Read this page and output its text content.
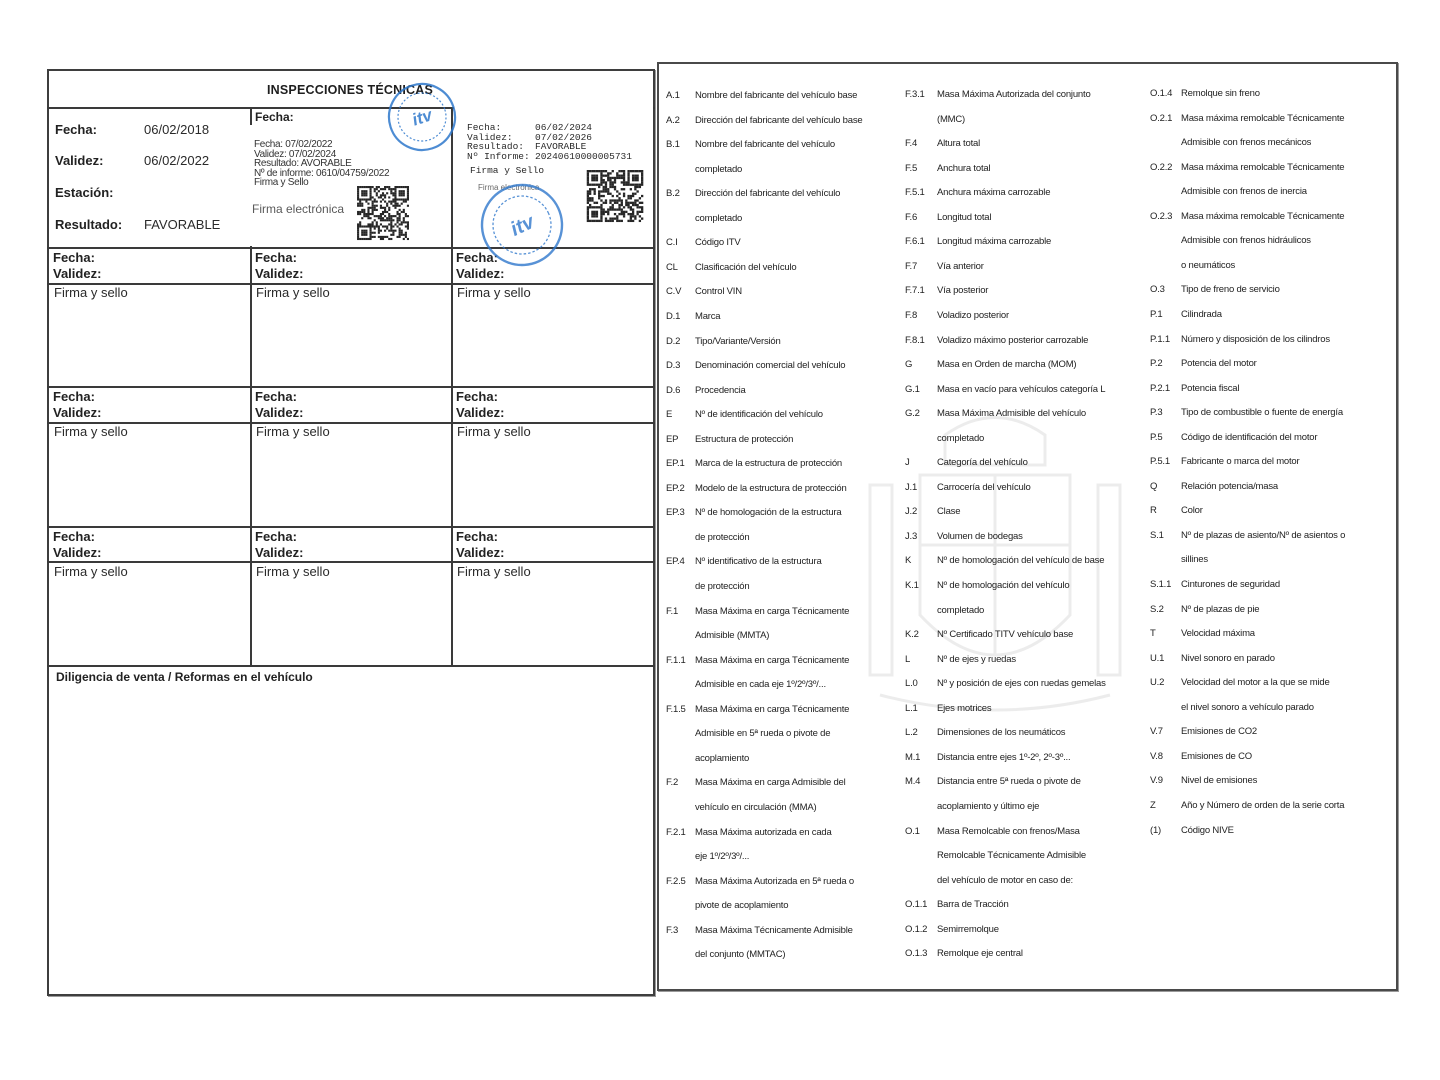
INSPECCIONES TÉCNICAS
Fecha:	06/02/2018
Validez:	06/02/2022
Estación:
Resultado: FAVORABLE
Fecha:
Fecha: 07/02/2022
Validez: 07/02/2024
Resultado: AVORABLE
Nº de informe: 0610/04759/2022
Firma y Sello
Firma electrónica
Fecha:	06/02/2024
Validez: 07/02/2026
Resultado: FAVORABLE
Nº Informe: 20240610000005731
Firma y Sello
Firma electrónica
Diligencia de venta / Reformas en el vehículo
Fecha:
Validez:
Firma y sello
Fecha:
Validez:
Firma y sello
Fecha:
Validez:
Firma y sello
Fecha:
Validez:
Firma y sello
Fecha:
Validez:
Firma y sello
Fecha:
Validez:
Firma y sello
Fecha:
Validez:
Firma y sello
Fecha:
Validez:
Firma y sello
Fecha:
Validez:
Firma y sello
A.1 Nombre del fabricante del vehículo base
A.2 Dirección del fabricante del vehículo base
B.1 Nombre del fabricante del vehículo
completado
B.2 Dirección del fabricante del vehículo
completado
C.I Código ITV
CL Clasificación del vehículo
C.V Control VIN
D.1 Marca
D.2 Tipo/Variante/Versión
D.3 Denominación comercial del vehículo
D.6 Procedencia
E Nº de identificación del vehículo
EP Estructura de protección
EP.1 Marca de la estructura de protección
EP.2 Modelo de la estructura de protección
EP.3 Nº de homologación de la estructura
de protección
EP.4 Nº identificativo de la estructura
de protección
F.1 Masa Máxima en carga Técnicamente
Admisible (MMTA)
F.1.1 Masa Máxima en carga Técnicamente
Admisible en cada eje 1º/2º/3º/...
F.1.5 Masa Máxima en carga Técnicamente
Admisible en 5ª rueda o pivote de
acoplamiento
F.2 Masa Máxima en carga Admisible del
vehículo en circulación (MMA)
F.2.1 Masa Máxima autorizada en cada
eje 1º/2º/3º/...
F.2.5 Masa Máxima Autorizada en 5ª rueda o
pivote de acoplamiento
F.3 Masa Máxima Técnicamente Admisible
del conjunto (MMTAC)
F.3.1 Masa Máxima Autorizada del conjunto
(MMC)
F.4 Altura total
F.5 Anchura total
F.5.1 Anchura máxima carrozable
F.6 Longitud total
F.6.1 Longitud máxima carrozable
F.7 Vía anterior
F.7.1 Vía posterior
F.8 Voladizo posterior
F.8.1 Voladizo máximo posterior carrozable
G	Masa en Orden de marcha (MOM)
G.1 Masa en vacío para vehículos categoría L
G.2 Masa Máxima Admisible del vehículo
completado
J	Categoría del vehículo
J.1 Carrocería del vehículo
J.2 Clase
J.3 Volumen de bodegas
K	Nº de homologación del vehículo de base
K.1 Nº de homologación del vehículo
completado
K.2 Nº Certificado TITV vehículo base
L	Nº de ejes y ruedas
L.0 Nº y posición de ejes con ruedas gemelas
L.1 Ejes motrices
L.2 Dimensiones de los neumáticos
M.1 Distancia entre ejes 1º-2º, 2º-3º...
M.4 Distancia entre 5ª rueda o pivote de
acoplamiento y último eje
O.1 Masa Remolcable con frenos/Masa
Remolcable Técnicamente Admisible
del vehículo de motor en caso de:
O.1.1 Barra de Tracción
O.1.2 Semirremolque
O.1.3 Remolque eje central
O.1.4 Remolque sin freno
O.2.1 Masa máxima remolcable Técnicamente
Admisible con frenos mecánicos
O.2.2 Masa máxima remolcable Técnicamente
Admisible con frenos de inercia
O.2.3 Masa máxima remolcable Técnicamente
Admisible con frenos hidráulicos
o neumáticos
O.3 Tipo de freno de servicio
P.1 Cilindrada
P.1.1 Número y disposición de los cilindros
P.2 Potencia del motor
P.2.1 Potencia fiscal
P.3 Tipo de combustible o fuente de energía
P.5 Código de identificación del motor
P.5.1 Fabricante o marca del motor
Q	Relación potencia/masa
R	Color
S.1 Nº de plazas de asiento/Nº de asientos o
sillines
S.1.1 Cinturones de seguridad
S.2 Nº de plazas de pie
T	Velocidad máxima
U.1 Nivel sonoro en parado
U.2 Velocidad del motor a la que se mide
el nivel sonoro a vehículo parado
V.7 Emisiones de CO2
V.8 Emisiones de CO
V.9 Nivel de emisiones
Z	Año y Número de orden de la serie corta
(1) Código NIVE
itv
itv
